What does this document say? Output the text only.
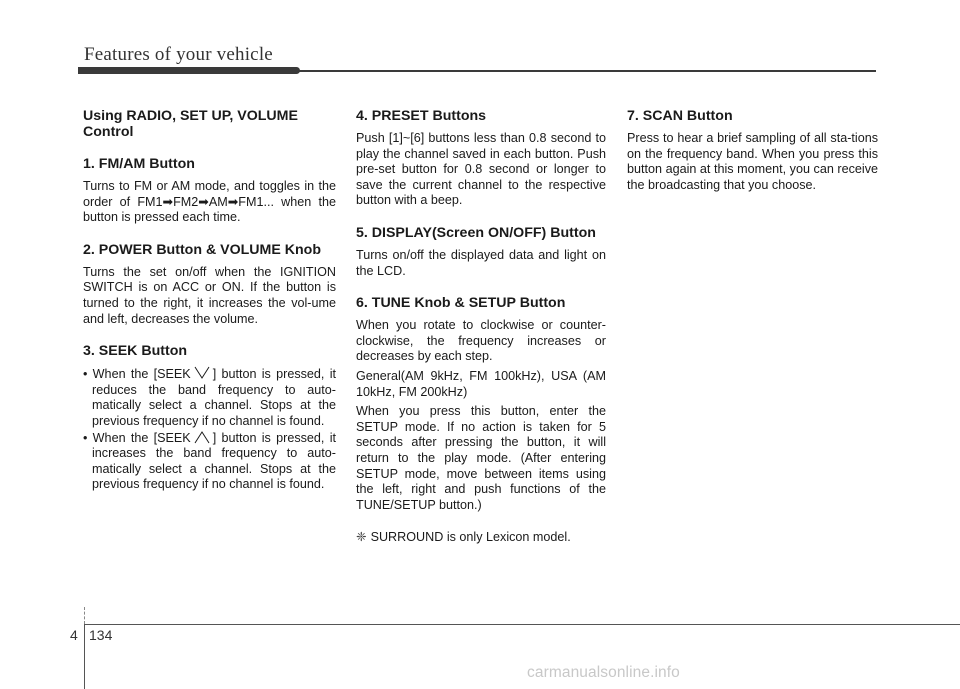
Features of your vehicle
Using RADIO, SET UP, VOLUME Control
1. FM/AM Button

Turns to FM or AM mode, and toggles in the order of FM1➡FM2➡AM➡FM1... when the button is pressed each time.

2. POWER Button & VOLUME Knob

Turns the set on/off when the IGNITION SWITCH is on ACC or ON. If the button is turned to the right, it increases the vol-ume and left, decreases the volume.

3. SEEK Button
• When the [SEEK ] button is pressed, it reduces the band frequency to auto-matically select a channel. Stops at the previous frequency if no channel is found.
• When the [SEEK ] button is pressed, it increases the band frequency to auto-matically select a channel. Stops at the previous frequency if no channel is found.
4. PRESET Buttons

Push [1]~[6] buttons less than 0.8 second to play the channel saved in each button. Push pre-set button for 0.8 second or longer to save the current channel to the respective button with a beep.

5. DISPLAY(Screen ON/OFF) Button

Turns on/off the displayed data and light on the LCD.

6. TUNE Knob & SETUP Button

When you rotate to clockwise or counter-clockwise, the frequency increases or decreases by each step.

General(AM 9kHz, FM 100kHz), USA (AM 10kHz, FM 200kHz)

When you press this button, enter the SETUP mode. If no action is taken for 5 seconds after pressing the button, it will return to the play mode. (After entering SETUP mode, move between items using the left, right and push functions of the TUNE/SETUP button.)

❈ SURROUND is only Lexicon model.

7. SCAN Button

Press to hear a brief sampling of all sta-tions on the frequency band. When you press this button again at this moment, you can receive the broadcasting that you choose.

4 134
carmanualsonline.info
